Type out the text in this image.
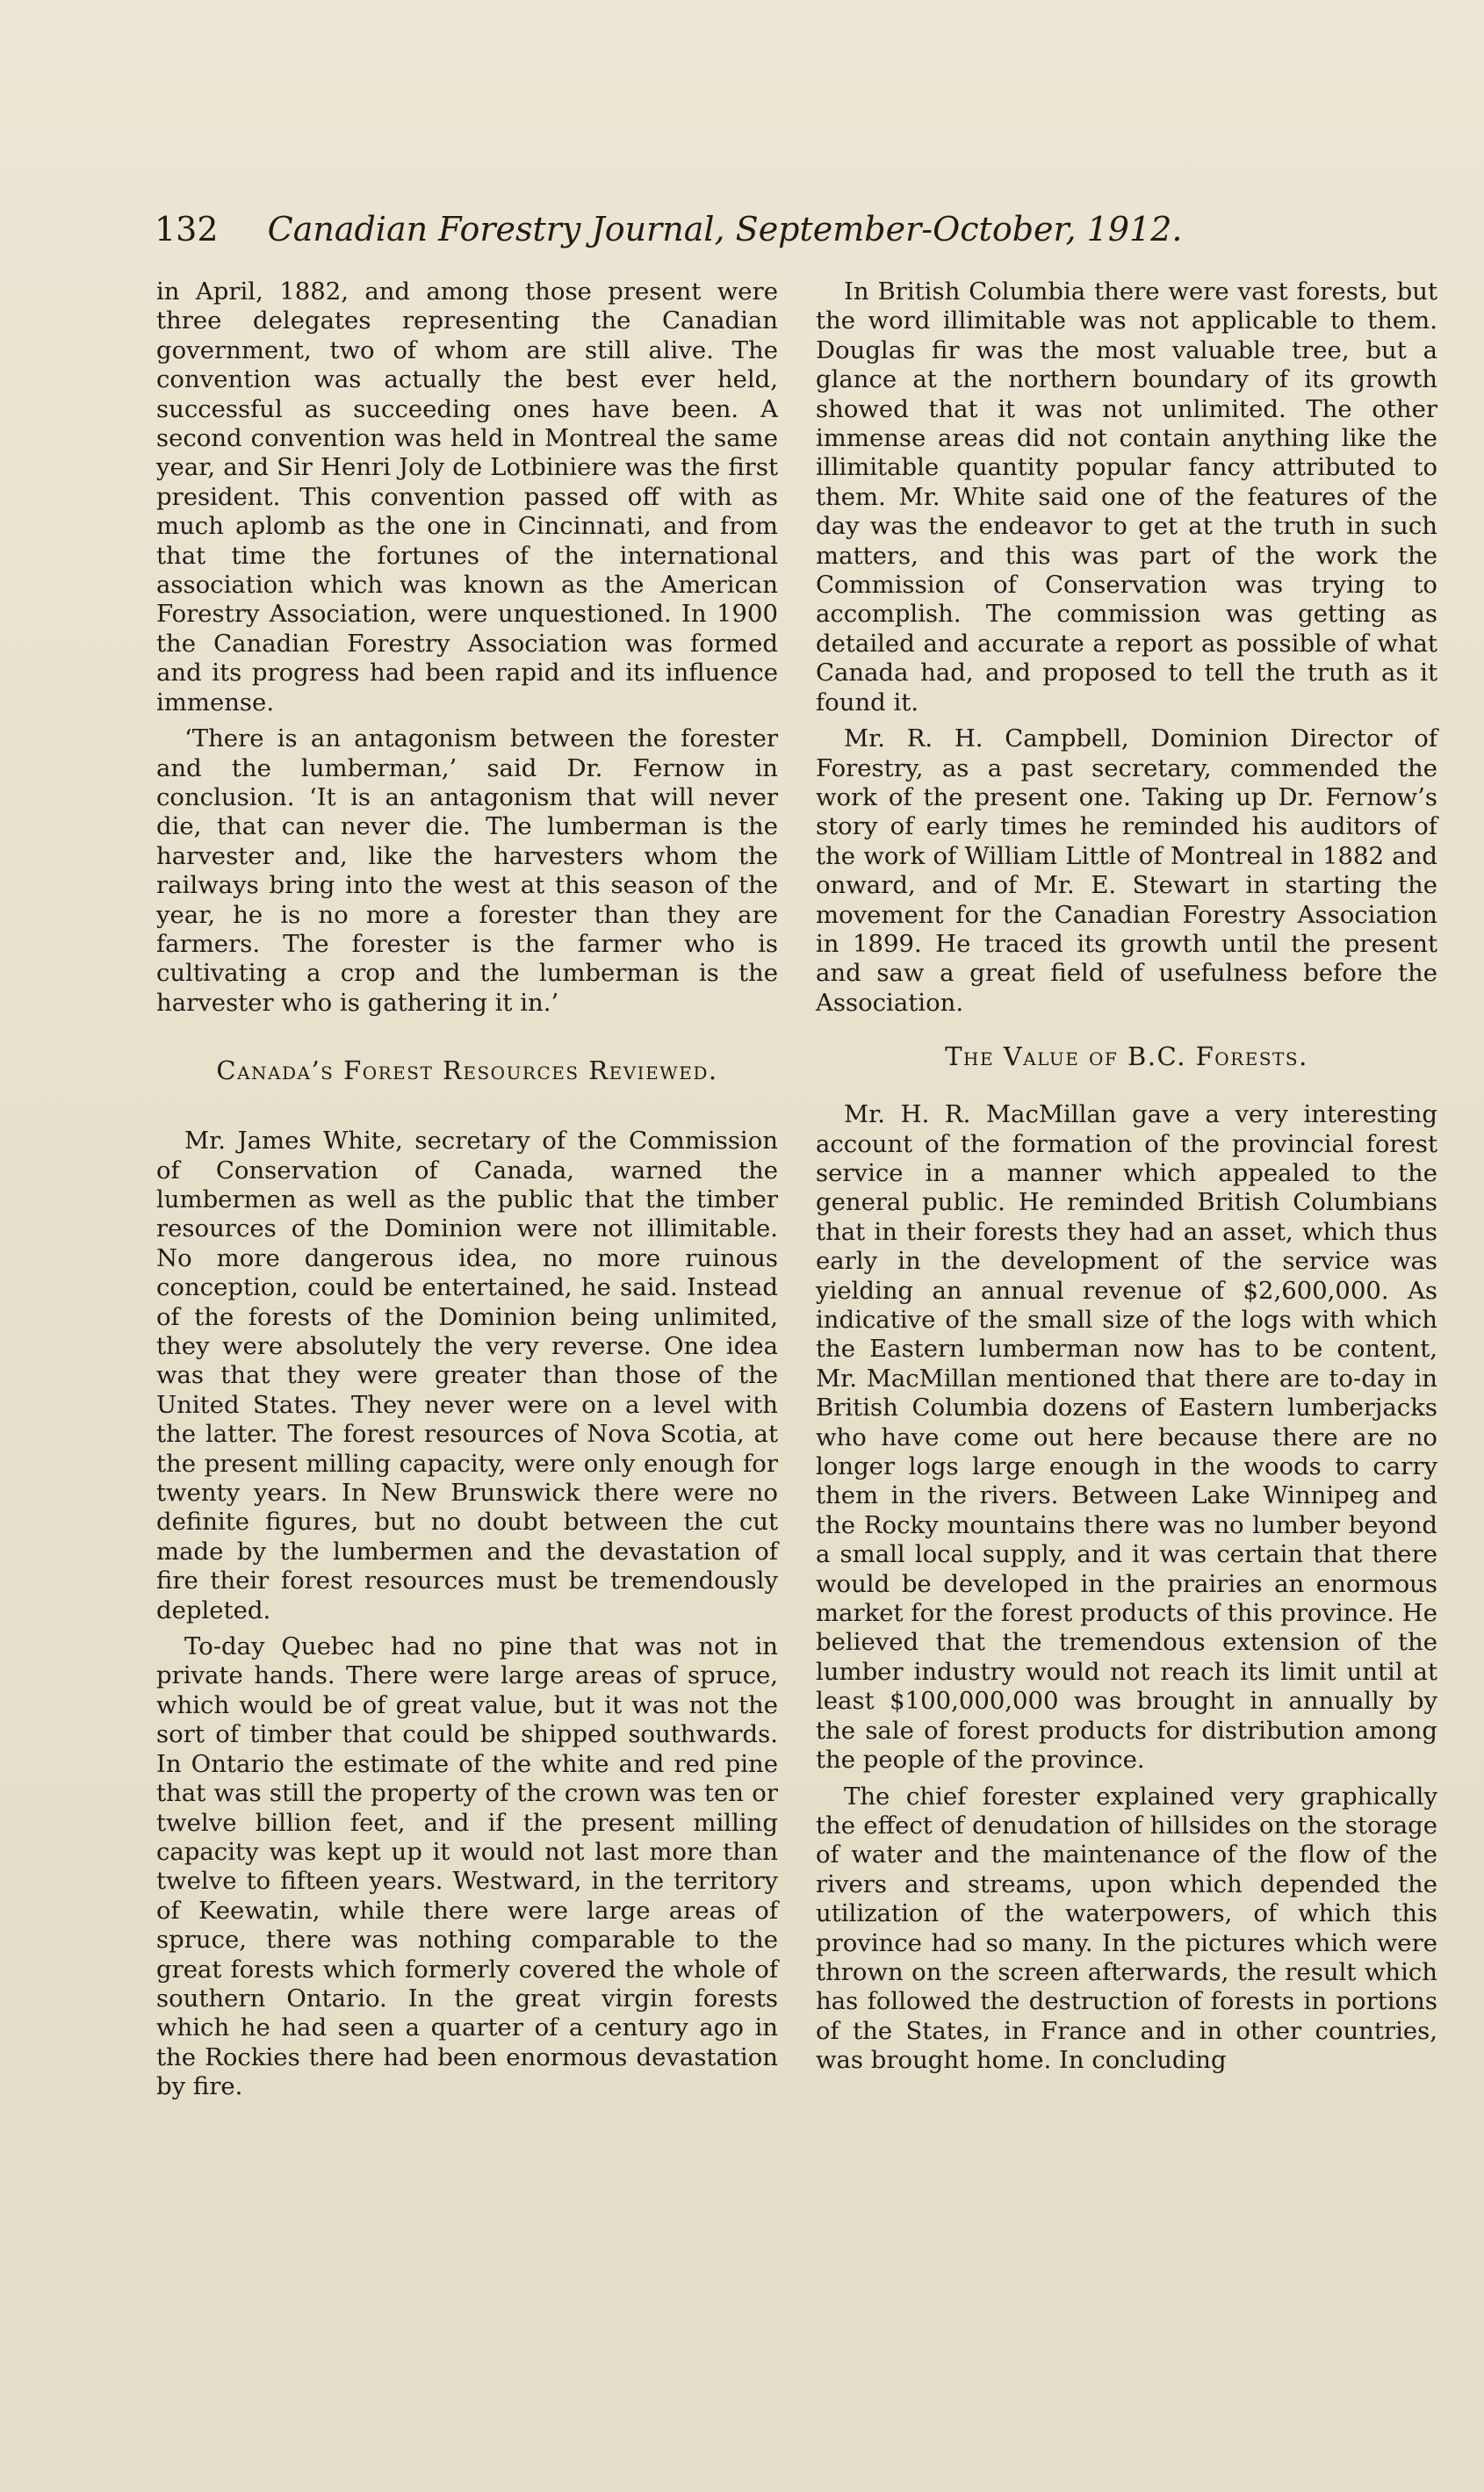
132 Canadian Forestry Journal, September-October, 1912.

in April, 1882, and among those present were three delegates representing the Canadian government, two of whom are still alive. The convention was actually the best ever held, successful as succeeding ones have been. A second convention was held in Montreal the same year, and Sir Henri Joly de Lotbiniere was the first president. This convention passed off with as much aplomb as the one in Cincinnati, and from that time the fortunes of the international association which was known as the American Forestry Association, were unquestioned. In 1900 the Canadian Forestry Association was formed and its progress had been rapid and its influence immense.

‘There is an antagonism between the forester and the lumberman,’ said Dr. Fernow in conclusion. ‘It is an antagonism that will never die, that can never die. The lumberman is the harvester and, like the harvesters whom the railways bring into the west at this season of the year, he is no more a forester than they are farmers. The forester is the farmer who is cultivating a crop and the lumberman is the harvester who is gathering it in.’

Canada’s Forest Resources Reviewed.

Mr. James White, secretary of the Commission of Conservation of Canada, warned the lumbermen as well as the public that the timber resources of the Dominion were not illimitable. No more dangerous idea, no more ruinous conception, could be entertained, he said. Instead of the forests of the Dominion being unlimited, they were absolutely the very reverse. One idea was that they were greater than those of the United States. They never were on a level with the latter. The forest resources of Nova Scotia, at the present milling capacity, were only enough for twenty years. In New Brunswick there were no definite figures, but no doubt between the cut made by the lumbermen and the devastation of fire their forest resources must be tremendously depleted.

To-day Quebec had no pine that was not in private hands. There were large areas of spruce, which would be of great value, but it was not the sort of timber that could be shipped southwards. In Ontario the estimate of the white and red pine that was still the property of the crown was ten or twelve billion feet, and if the present milling capacity was kept up it would not last more than twelve to fifteen years. Westward, in the territory of Keewatin, while there were large areas of spruce, there was nothing comparable to the great forests which formerly covered the whole of southern Ontario. In the great virgin forests which he had seen a quarter of a century ago in the Rockies there had been enormous devastation by fire.

In British Columbia there were vast forests, but the word illimitable was not applicable to them. Douglas fir was the most valuable tree, but a glance at the northern boundary of its growth showed that it was not unlimited. The other immense areas did not contain anything like the illimitable quantity popular fancy attributed to them. Mr. White said one of the features of the day was the endeavor to get at the truth in such matters, and this was part of the work the Commission of Conservation was trying to accomplish. The commission was getting as detailed and accurate a report as possible of what Canada had, and proposed to tell the truth as it found it.

Mr. R. H. Campbell, Dominion Director of Forestry, as a past secretary, commended the work of the present one. Taking up Dr. Fernow’s story of early times he reminded his auditors of the work of William Little of Montreal in 1882 and onward, and of Mr. E. Stewart in starting the movement for the Canadian Forestry Association in 1899. He traced its growth until the present and saw a great field of usefulness before the Association.

The Value of B.C. Forests.

Mr. H. R. MacMillan gave a very interesting account of the formation of the provincial forest service in a manner which appealed to the general public. He reminded British Columbians that in their forests they had an asset, which thus early in the development of the service was yielding an annual revenue of $2,600,000. As indicative of the small size of the logs with which the Eastern lumberman now has to be content, Mr. MacMillan mentioned that there are to-day in British Columbia dozens of Eastern lumberjacks who have come out here because there are no longer logs large enough in the woods to carry them in the rivers. Between Lake Winnipeg and the Rocky mountains there was no lumber beyond a small local supply, and it was certain that there would be developed in the prairies an enormous market for the forest products of this province. He believed that the tremendous extension of the lumber industry would not reach its limit until at least $100,000,000 was brought in annually by the sale of forest products for distribution among the people of the province.

The chief forester explained very graphically the effect of denudation of hillsides on the storage of water and the maintenance of the flow of the rivers and streams, upon which depended the utilization of the waterpowers, of which this province had so many. In the pictures which were thrown on the screen afterwards, the result which has followed the destruction of forests in portions of the States, in France and in other countries, was brought home. In concluding
